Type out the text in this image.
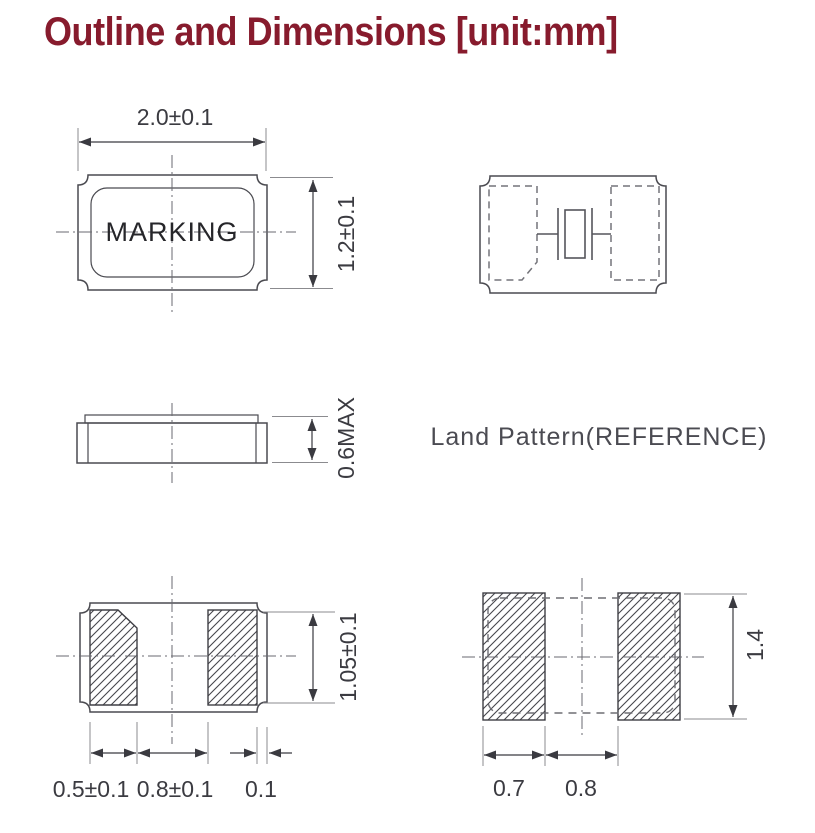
Outline and Dimensions [unit:mm]
MARKING
2.0±0.1
1.2±0.1
0.6MAX	Land Pattern(REFERENCE)
1.05±0.1
0.5±0.1 0.8±0.1 0.1
1.4
0.7 0.8
